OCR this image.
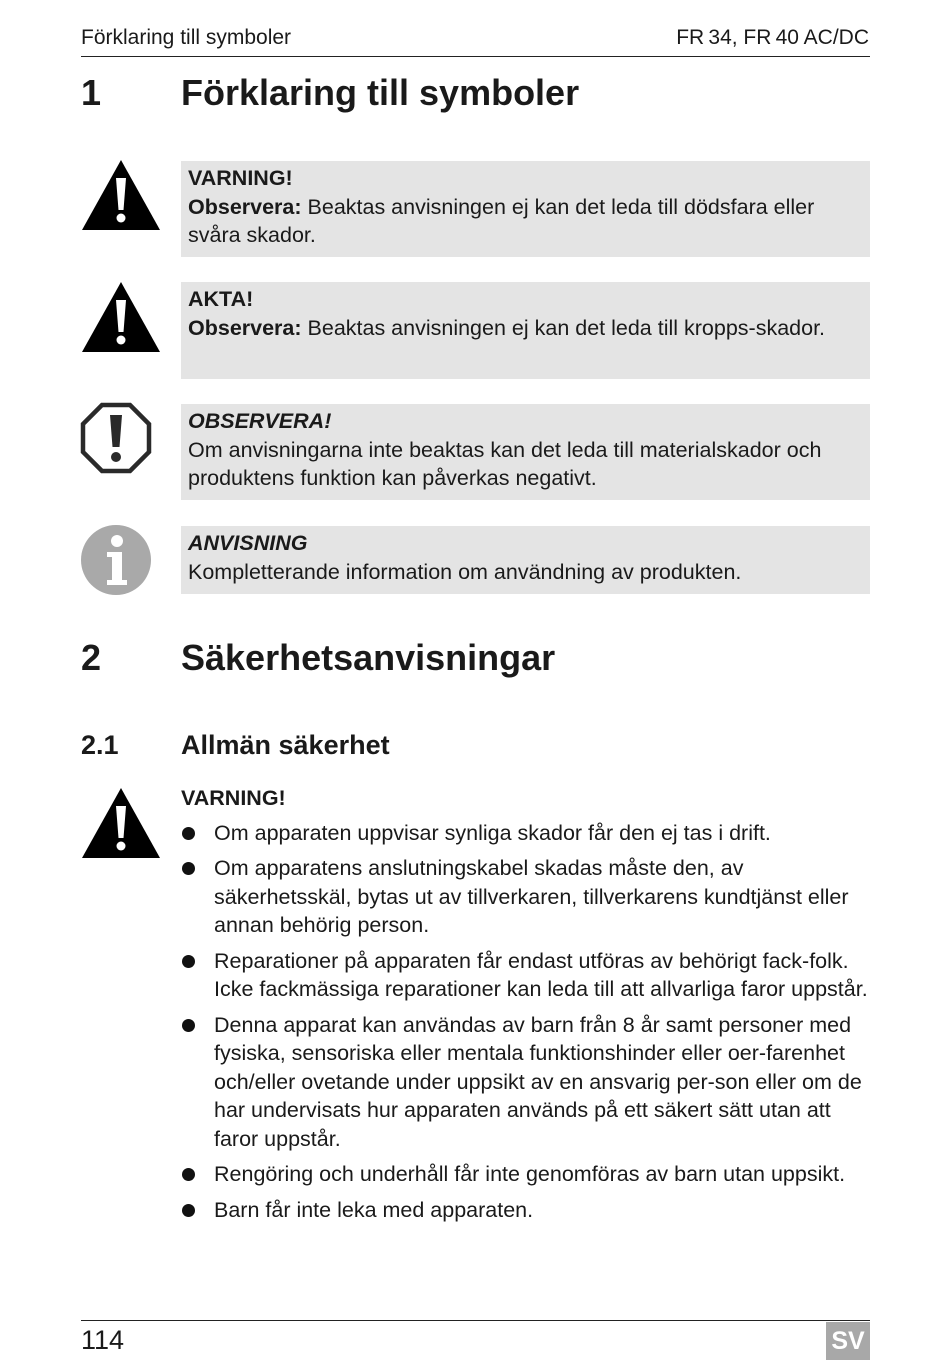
Förklaring till symboler	FR 34, FR 40 AC/DC
1 Förklaring till symboler
VARNING!
Observera: Beaktas anvisningen ej kan det leda till dödsfara eller svåra skador.
AKTA!
Observera: Beaktas anvisningen ej kan det leda till kropps-skador.
OBSERVERA!
Om anvisningarna inte beaktas kan det leda till materialskador och produktens funktion kan påverkas negativt.
ANVISNING
Kompletterande information om användning av produkten.
2 Säkerhetsanvisningar
2.1 Allmän säkerhet
VARNING!
Om apparaten uppvisar synliga skador får den ej tas i drift.
Om apparatens anslutningskabel skadas måste den, av säkerhetsskäl, bytas ut av tillverkaren, tillverkarens kundtjänst eller annan behörig person.
Reparationer på apparaten får endast utföras av behörigt fack-folk. Icke fackmässiga reparationer kan leda till att allvarliga faror uppstår.
Denna apparat kan användas av barn från 8 år samt personer med fysiska, sensoriska eller mentala funktionshinder eller oer-farenhet och/eller ovetande under uppsikt av en ansvarig per-son eller om de har undervisats hur apparaten används på ett säkert sätt utan att faror uppstår.
Rengöring och underhåll får inte genomföras av barn utan uppsikt.
Barn får inte leka med apparaten.
114	SV
